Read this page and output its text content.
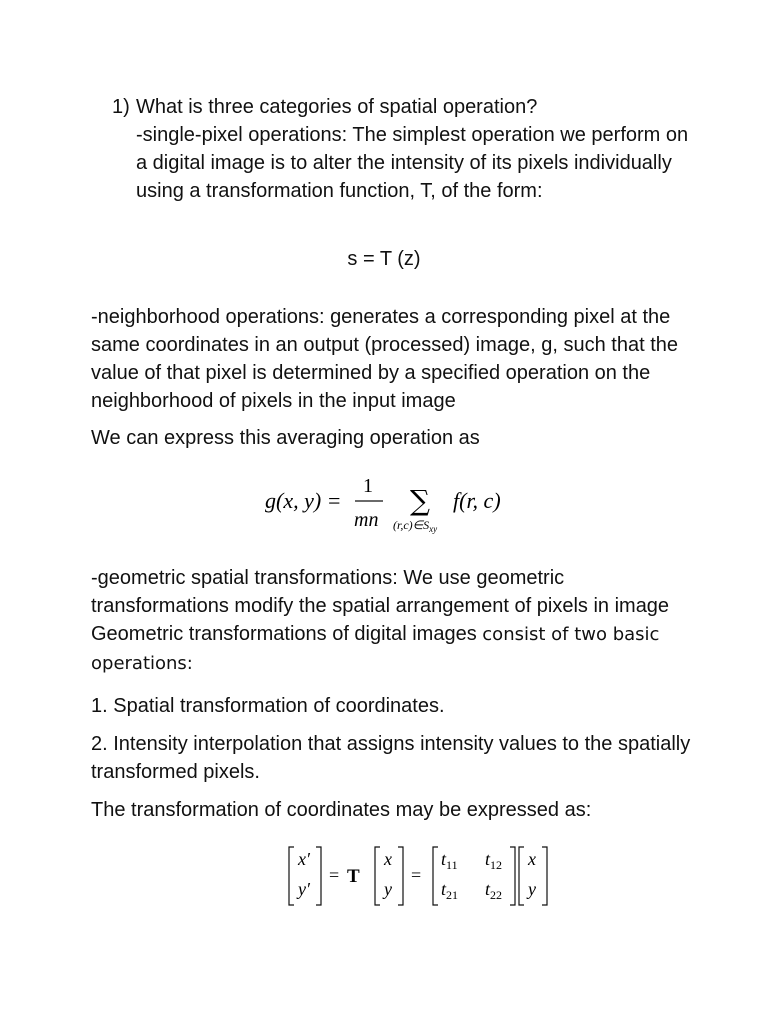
1) What is three categories of spatial operation?
-single-pixel operations: The simplest operation we perform on a digital image is to alter the intensity of its pixels individually using a transformation function, T, of the form:
s = T (z)
-neighborhood operations: generates a corresponding pixel at the same coordinates in an output (processed) image, g, such that the value of that pixel is determined by a specified operation on the neighborhood of pixels in the input image
We can express this averaging operation as
g(x, y) =
1
mn
∑
$(r,c)\in S_{xy}$
f(r, c)
-geometric spatial transformations: We use geometric transformations modify the spatial arrangement of pixels in image Geometric transformations of digital images consist of two basic operations:
1. Spatial transformation of coordinates.
2. Intensity interpolation that assigns intensity values to the spatially transformed pixels.
The transformation of coordinates may be expressed as:
x′
y′
= T
x
y
=
$t_{11}$ $t_{12}$
$t_{21}$ $t_{22}$
x
y
